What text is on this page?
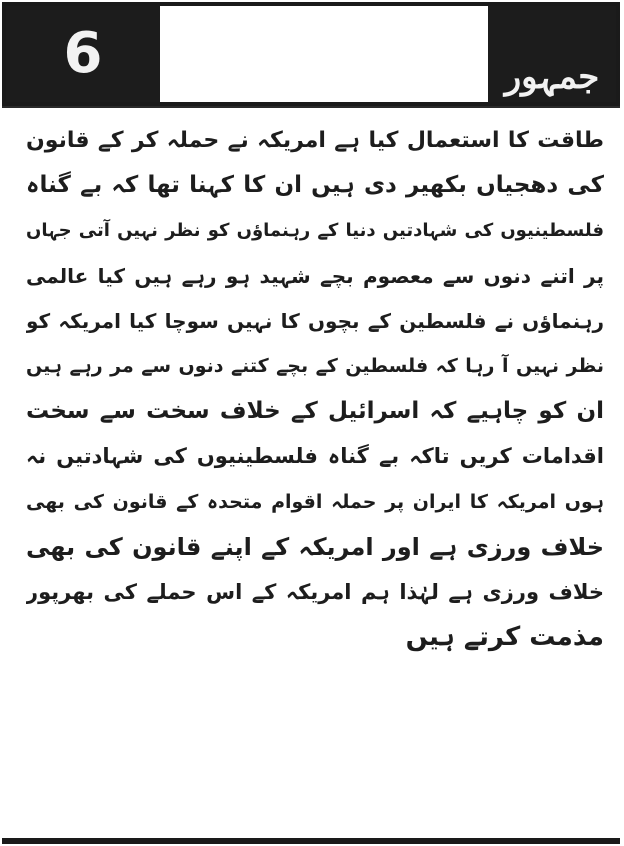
6	جمہور
طاقت کا استعمال کیا ہے امریکہ نے حملہ کر کے قانون
کی دھجیاں بکھیر دی ہیں ان کا کہنا تھا کہ بے گناہ
فلسطینیوں کی شہادتیں دنیا کے رہنماؤں کو نظر نہیں آتی جہاں
پر اتنے دنوں سے معصوم بچے شہید ہو رہے ہیں کیا عالمی
رہنماؤں نے فلسطین کے بچوں کا نہیں سوچا کیا امریکہ کو
نظر نہیں آ رہا کہ فلسطین کے بچے کتنے دنوں سے مر رہے ہیں
ان کو چاہیے کہ اسرائیل کے خلاف سخت سے سخت
اقدامات کریں تاکہ بے گناہ فلسطینیوں کی شہادتیں نہ
ہوں امریکہ کا ایران پر حملہ اقوام متحدہ کے قانون کی بھی
خلاف ورزی ہے اور امریکہ کے اپنے قانون کی بھی
خلاف ورزی ہے لہٰذا ہم امریکہ کے اس حملے کی بھرپور
مذمت کرتے ہیں
